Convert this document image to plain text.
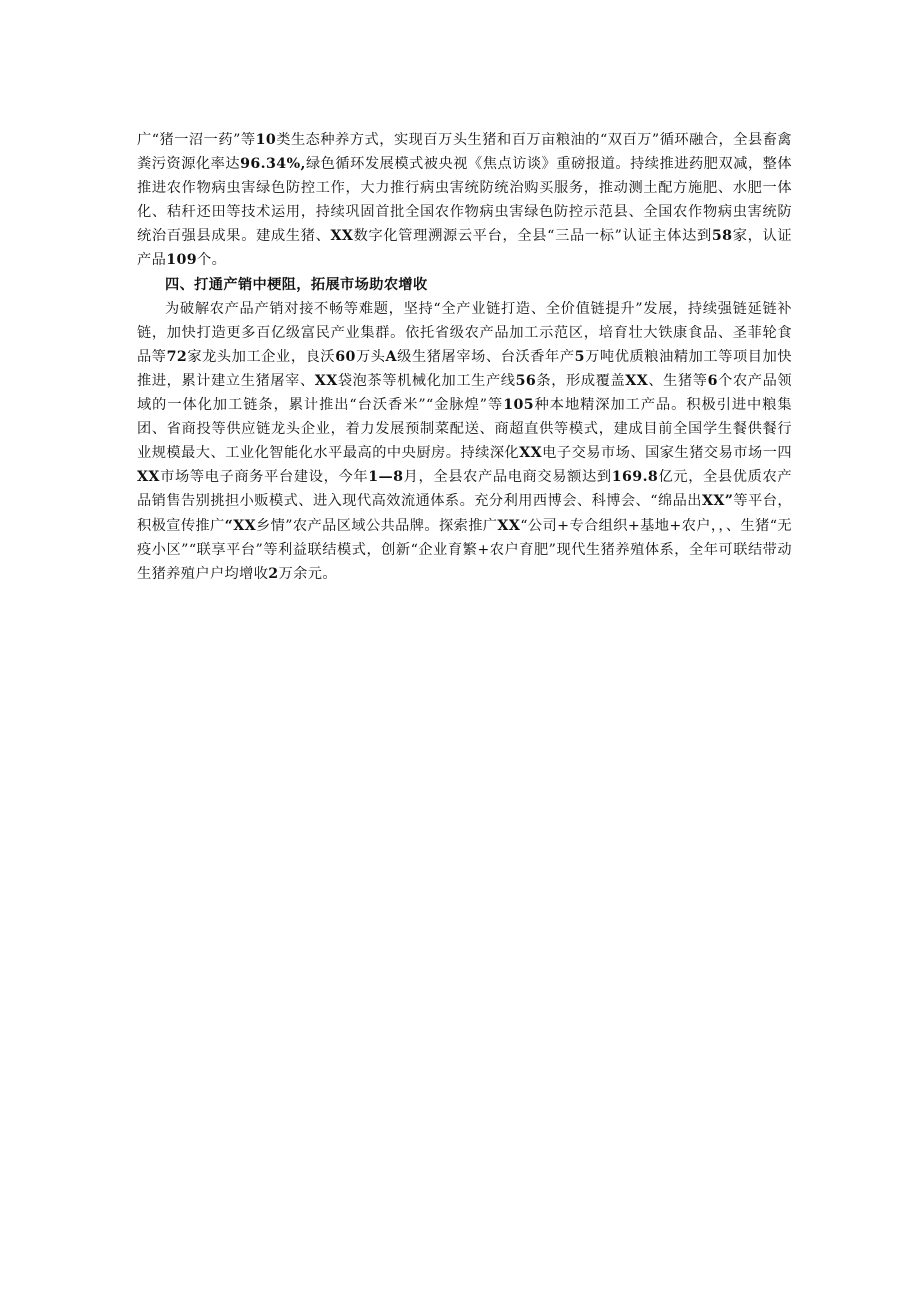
广“猪一沼一药”等10类生态种养方式，实现百万头生猪和百万亩粮油的“双百万”循环融合，全县畜禽粪污资源化率达96.34%,绿色循环发展模式被央视《焦点访谈》重磅报道。持续推进药肥双减，整体推进农作物病虫害绿色防控工作，大力推行病虫害统防统治购买服务，推动测土配方施肥、水肥一体化、秸秆还田等技术运用，持续巩固首批全国农作物病虫害绿色防控示范县、全国农作物病虫害统防统治百强县成果。建成生猪、XX数字化管理溯源云平台，全县“三品一标”认证主体达到58家，认证产品109个。

四、打通产销中梗阻，拓展市场助农增收

为破解农产品产销对接不畅等难题，坚持“全产业链打造、全价值链提升”发展，持续强链延链补链，加快打造更多百亿级富民产业集群。依托省级农产品加工示范区，培育壮大铁康食品、圣菲轮食品等72家龙头加工企业，良沃60万头A级生猪屠宰场、台沃香年产5万吨优质粮油精加工等项目加快推进，累计建立生猪屠宰、XX袋泡茶等机械化加工生产线56条，形成覆盖XX、生猪等6个农产品领域的一体化加工链条，累计推出“台沃香米”“金脉煌”等105种本地精深加工产品。积极引进中粮集团、省商投等供应链龙头企业，着力发展预制菜配送、商超直供等模式，建成目前全国学生餐供餐行业规模最大、工业化智能化水平最高的中央厨房。持续深化XX电子交易市场、国家生猪交易市场一四XX市场等电子商务平台建设，今年1—8月，全县农产品电商交易额达到169.8亿元，全县优质农产品销售告别挑担小贩模式、进入现代高效流通体系。充分利用西博会、科博会、“绵品出XX”等平台，积极宣传推广“XX乡情”农产品区域公共品牌。探索推广XX“公司+专合组织+基地+农户，，、生猪“无疫小区”“联享平台”等利益联结模式，创新“企业育繁+农户育肥”现代生猪养殖体系，全年可联结带动生猪养殖户户均增收2万余元。
